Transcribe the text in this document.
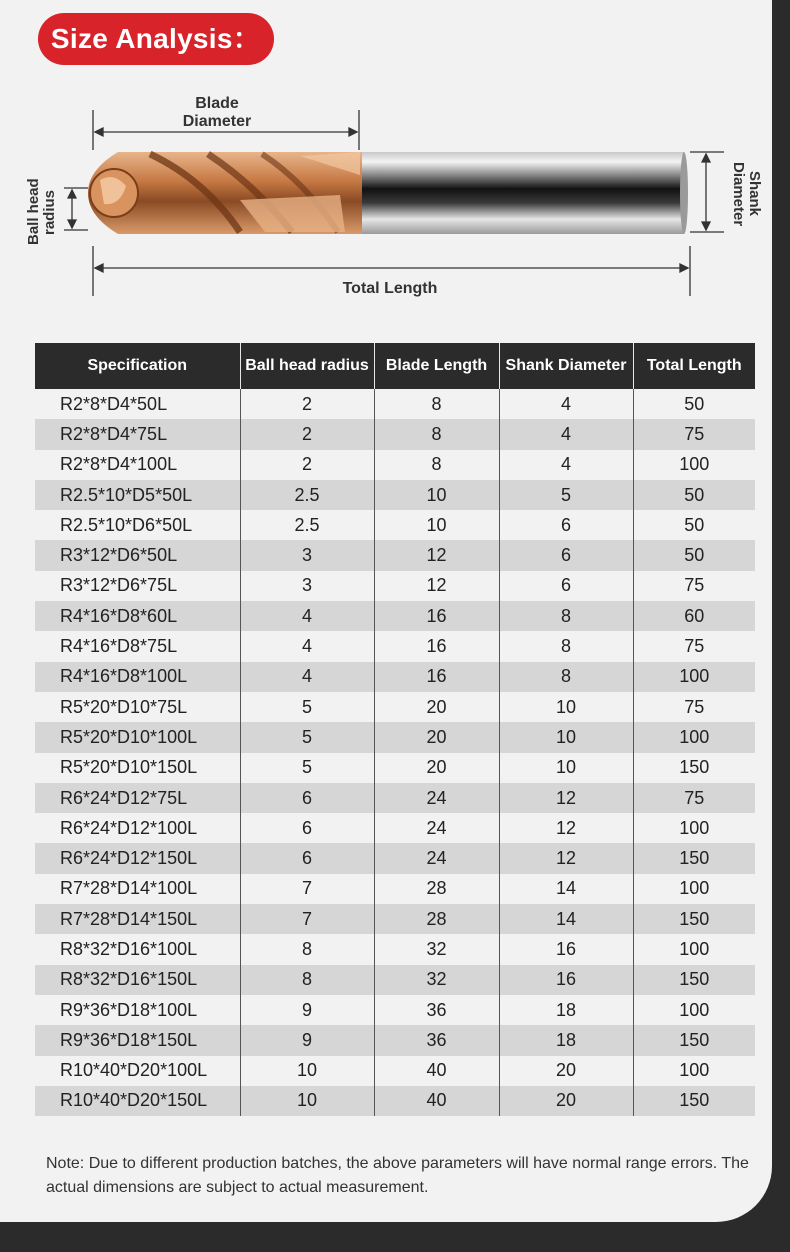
Size Analysis：
Blade Diameter
Ball head radius	Shank Diameter
Total Length
Specification	Ball head radius	Blade Length	Shank Diameter	Total Length
R2*8*D4*50L	2	8	4	50
R2*8*D4*75L	2	8	4	75
R2*8*D4*100L	2	8	4	100
R2.5*10*D5*50L	2.5	10	5	50
R2.5*10*D6*50L	2.5	10	6	50
R3*12*D6*50L	3	12	6	50
R3*12*D6*75L	3	12	6	75
R4*16*D8*60L	4	16	8	60
R4*16*D8*75L	4	16	8	75
R4*16*D8*100L	4	16	8	100
R5*20*D10*75L	5	20	10	75
R5*20*D10*100L	5	20	10	100
R5*20*D10*150L	5	20	10	150
R6*24*D12*75L	6	24	12	75
R6*24*D12*100L	6	24	12	100
R6*24*D12*150L	6	24	12	150
R7*28*D14*100L	7	28	14	100
R7*28*D14*150L	7	28	14	150
R8*32*D16*100L	8	32	16	100
R8*32*D16*150L	8	32	16	150
R9*36*D18*100L	9	36	18	100
R9*36*D18*150L	9	36	18	150
R10*40*D20*100L	10	40	20	100
R10*40*D20*150L	10	40	20	150
Note: Due to different production batches, the above parameters will have normal range errors. The actual dimensions are subject to actual measurement.
